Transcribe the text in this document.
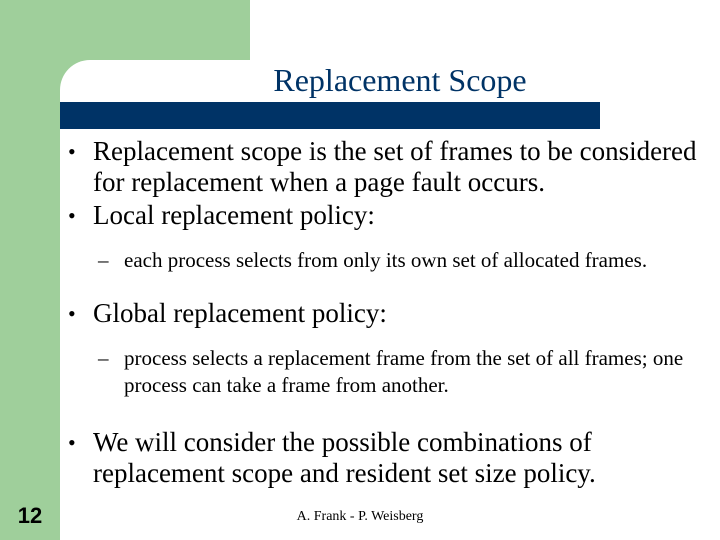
Replacement Scope
• Replacement scope is the set of frames to be considered for replacement when a page fault occurs.
• Local replacement policy:
– each process selects from only its own set of allocated frames.
• Global replacement policy:
– process selects a replacement frame from the set of all frames; one process can take a frame from another.
• We will consider the possible combinations of replacement scope and resident set size policy.
12	A. Frank - P. Weisberg
